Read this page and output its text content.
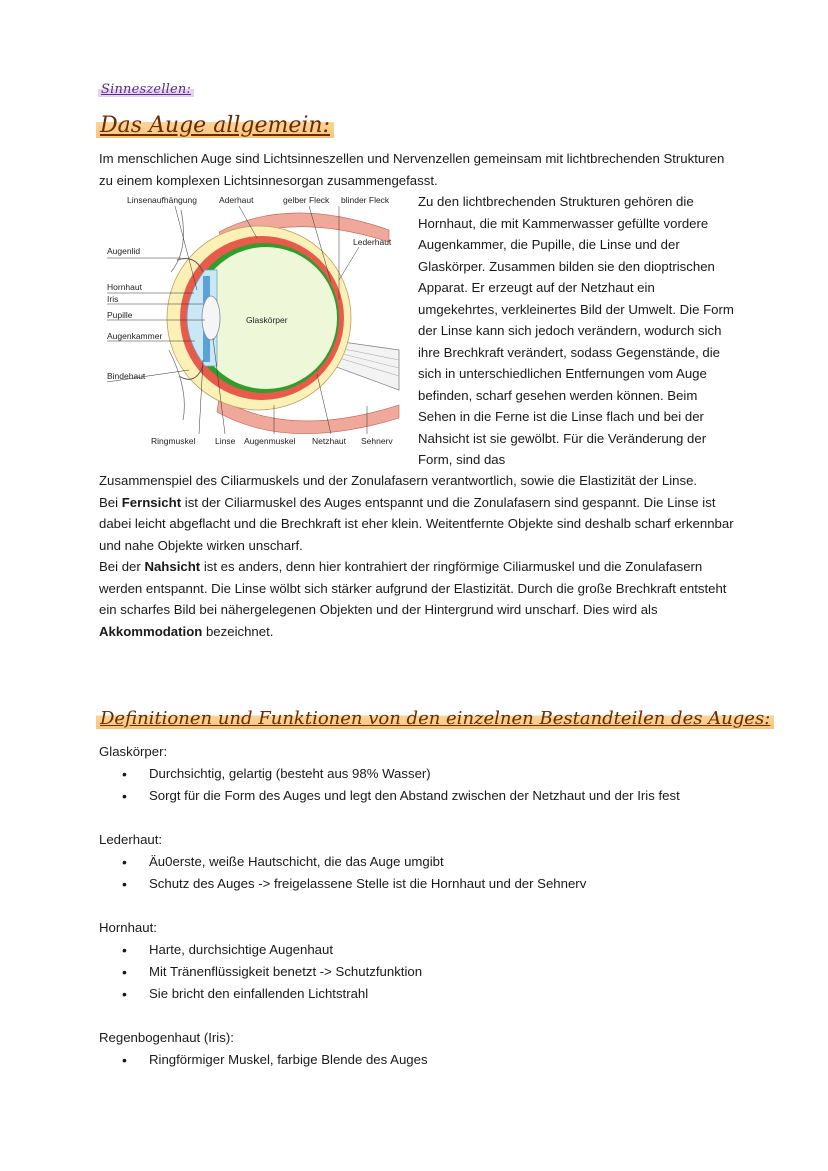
Sinneszellen:
Das Auge allgemein:

Im menschlichen Auge sind Lichtsinneszellen und Nervenzellen gemeinsam mit lichtbrechenden Strukturen zu einem komplexen Lichtsinnesorgan zusammengefasst.

Linsenaufhängung	Aderhaut	gelber Fleck blinder Fleck
Lederhaut
Augenlid
Hornhaut
Iris
Pupille
Augenkammer
Bindehaut
Glaskörper
Ringmuskel Linse Augenmuskel Netzhaut Sehnerv

Zu den lichtbrechenden Strukturen gehören die Hornhaut, die mit Kammerwasser gefüllte vordere Augenkammer, die Pupille, die Linse und der Glaskörper. Zusammen bilden sie den dioptrischen Apparat. Er erzeugt auf der Netzhaut ein umgekehrtes, verkleinertes Bild der Umwelt. Die Form der Linse kann sich jedoch verändern, wodurch sich ihre Brechkraft verändert, sodass Gegenstände, die sich in unterschiedlichen Entfernungen vom Auge befinden, scharf gesehen werden können. Beim Sehen in die Ferne ist die Linse flach und bei der Nahsicht ist sie gewölbt. Für die Veränderung der Form, sind das

Zusammenspiel des Ciliarmuskels und der Zonulafasern verantwortlich, sowie die Elastizität der Linse.

Bei Fernsicht ist der Ciliarmuskel des Auges entspannt und die Zonulafasern sind gespannt. Die Linse ist dabei leicht abgeflacht und die Brechkraft ist eher klein. Weitentfernte Objekte sind deshalb scharf erkennbar und nahe Objekte wirken unscharf.

Bei der Nahsicht ist es anders, denn hier kontrahiert der ringförmige Ciliarmuskel und die Zonulafasern werden entspannt. Die Linse wölbt sich stärker aufgrund der Elastizität. Durch die große Brechkraft entsteht ein scharfes Bild bei nähergelegenen Objekten und der Hintergrund wird unscharf. Dies wird als Akkommodation bezeichnet.

Definitionen und Funktionen von den einzelnen Bestandteilen des Auges:
Glaskörper:
• Durchsichtig, gelartig (besteht aus 98% Wasser)
• Sorgt für die Form des Auges und legt den Abstand zwischen der Netzhaut und der Iris fest
Lederhaut:
• Äu0erste, weiße Hautschicht, die das Auge umgibt
• Schutz des Auges -> freigelassene Stelle ist die Hornhaut und der Sehnerv
Hornhaut:
• Harte, durchsichtige Augenhaut
• Mit Tränenflüssigkeit benetzt -> Schutzfunktion
• Sie bricht den einfallenden Lichtstrahl
Regenbogenhaut (Iris):
• Ringförmiger Muskel, farbige Blende des Auges
